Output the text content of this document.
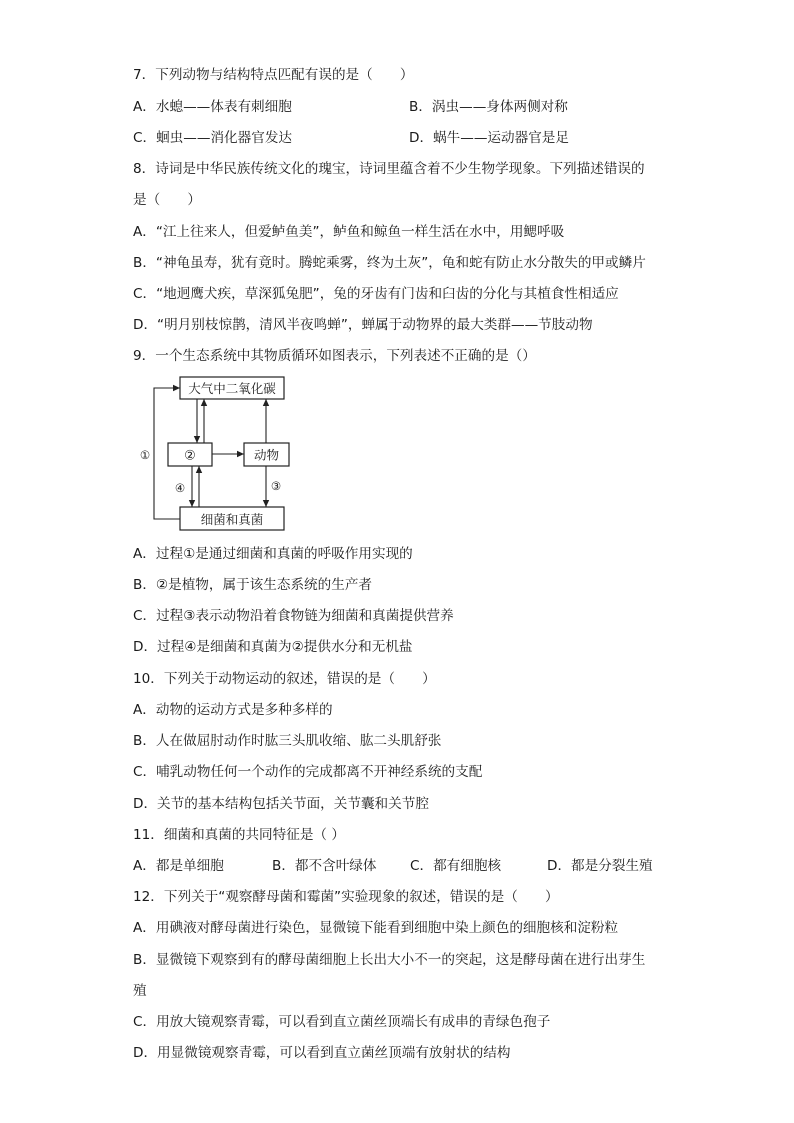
7．下列动物与结构特点匹配有误的是（　　）
A．水螅——体表有刺细胞	B．涡虫——身体两侧对称
C．蛔虫——消化器官发达	D．蜗牛——运动器官是足
8．诗词是中华民族传统文化的瑰宝，诗词里蕴含着不少生物学现象。下列描述错误的
是（　　）
A．“江上往来人，但爱鲈鱼美”，鲈鱼和鲸鱼一样生活在水中，用鳃呼吸
B．“神龟虽寿，犹有竟时。腾蛇乘雾，终为土灰”，龟和蛇有防止水分散失的甲或鳞片
C．“地迥鹰犬疾，草深狐兔肥”，兔的牙齿有门齿和臼齿的分化与其植食性相适应
D．“明月别枝惊鹊，清风半夜鸣蝉”，蝉属于动物界的最大类群——节肢动物
9．一个生态系统中其物质循环如图表示，下列表述不正确的是（）
大气中二氧化碳
②	动物
细菌和真菌
①
④	③
A．过程①是通过细菌和真菌的呼吸作用实现的
B．②是植物，属于该生态系统的生产者
C．过程③表示动物沿着食物链为细菌和真菌提供营养
D．过程④是细菌和真菌为②提供水分和无机盐
10．下列关于动物运动的叙述，错误的是（　　）
A．动物的运动方式是多种多样的
B．人在做屈肘动作时肱三头肌收缩、肱二头肌舒张
C．哺乳动物任何一个动作的完成都离不开神经系统的支配
D．关节的基本结构包括关节面，关节囊和关节腔
11．细菌和真菌的共同特征是（ ）
A．都是单细胞	B．都不含叶绿体 C．都有细胞核	D．都是分裂生殖
12．下列关于“观察酵母菌和霉菌”实验现象的叙述，错误的是（　　）
A．用碘液对酵母菌进行染色，显微镜下能看到细胞中染上颜色的细胞核和淀粉粒
B．显微镜下观察到有的酵母菌细胞上长出大小不一的突起，这是酵母菌在进行出芽生
殖
C．用放大镜观察青霉，可以看到直立菌丝顶端长有成串的青绿色孢子
D．用显微镜观察青霉，可以看到直立菌丝顶端有放射状的结构
